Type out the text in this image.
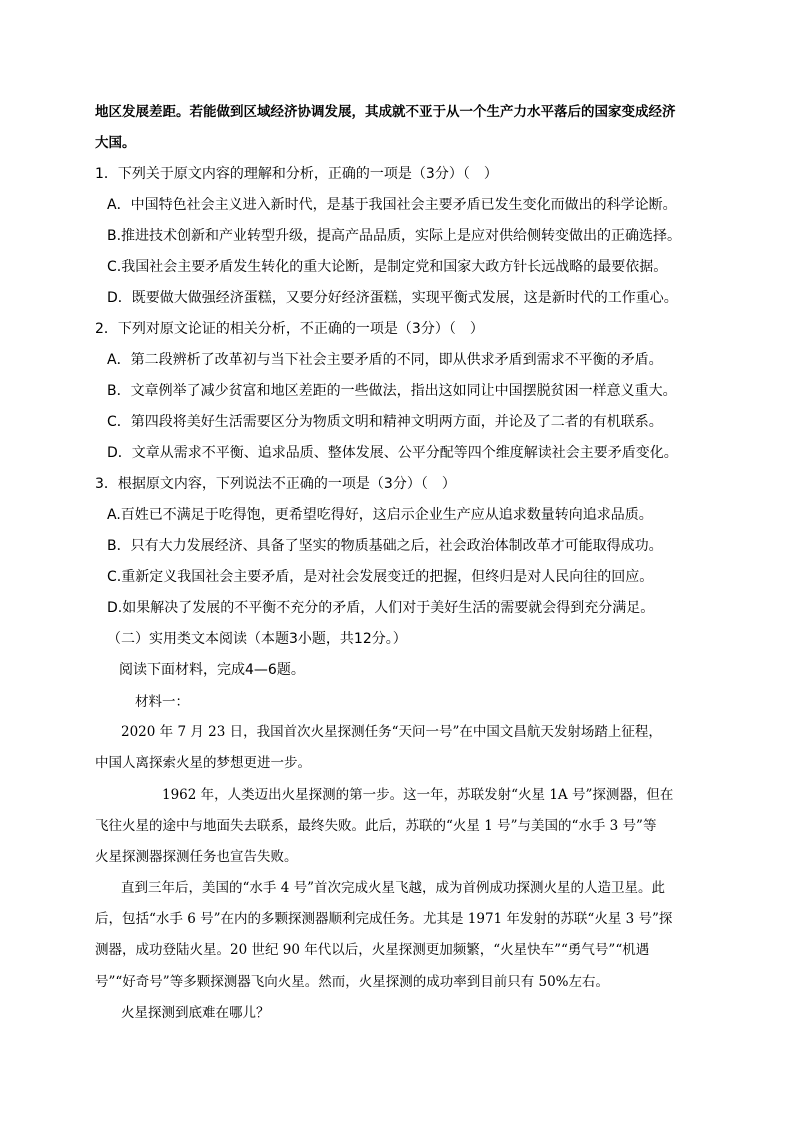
地区发展差距。若能做到区域经济协调发展，其成就不亚于从一个生产力水平落后的国家变成经济
大国。
1．下列关于原文内容的理解和分析，正确的一项是（3分）（　）
A．中国特色社会主义进入新时代，是基于我国社会主要矛盾已发生变化而做出的科学论断。
B.推进技术创新和产业转型升级，提高产品品质，实际上是应对供给侧转变做出的正确选择。
C.我国社会主要矛盾发生转化的重大论断，是制定党和国家大政方针长远战略的最要依据。
D．既要做大做强经济蛋糕，又要分好经济蛋糕，实现平衡式发展，这是新时代的工作重心。
2．下列对原文论证的相关分析，不正确的一项是（3分）（　）
A．第二段辨析了改革初与当下社会主要矛盾的不同，即从供求矛盾到需求不平衡的矛盾。
B．文章例举了减少贫富和地区差距的一些做法，指出这如同让中国摆脱贫困一样意义重大。
C．第四段将美好生活需要区分为物质文明和精神文明两方面，并论及了二者的有机联系。
D．文章从需求不平衡、追求品质、整体发展、公平分配等四个维度解读社会主要矛盾变化。
3．根据原文内容，下列说法不正确的一项是（3分）（　）
A.百姓已不满足于吃得饱，更希望吃得好，这启示企业生产应从追求数量转向追求品质。
B．只有大力发展经济、具备了坚实的物质基础之后，社会政治体制改革才可能取得成功。
C.重新定义我国社会主要矛盾，是对社会发展变迁的把握，但终归是对人民向往的回应。
D.如果解决了发展的不平衡不充分的矛盾，人们对于美好生活的需要就会得到充分满足。
（二）实用类文本阅读（本题3小题，共12分。）
阅读下面材料，完成4—6题。
材料一：
2020 年 7 月 23 日，我国首次火星探测任务“天问一号”在中国文昌航天发射场踏上征程，
中国人离探索火星的梦想更进一步。
1962 年，人类迈出火星探测的第一步。这一年，苏联发射“火星 1A 号”探测器，但在
飞往火星的途中与地面失去联系，最终失败。此后，苏联的“火星 1 号”与美国的“水手 3 号”等
火星探测器探测任务也宣告失败。
直到三年后，美国的“水手 4 号”首次完成火星飞越，成为首例成功探测火星的人造卫星。此
后，包括“水手 6 号”在内的多颗探测器顺利完成任务。尤其是 1971 年发射的苏联“火星 3 号”探
测器，成功登陆火星。20 世纪 90 年代以后，火星探测更加频繁，“火星快车”“勇气号”“机遇
号”“好奇号”等多颗探测器飞向火星。然而，火星探测的成功率到目前只有 50%左右。
火星探测到底难在哪儿？
